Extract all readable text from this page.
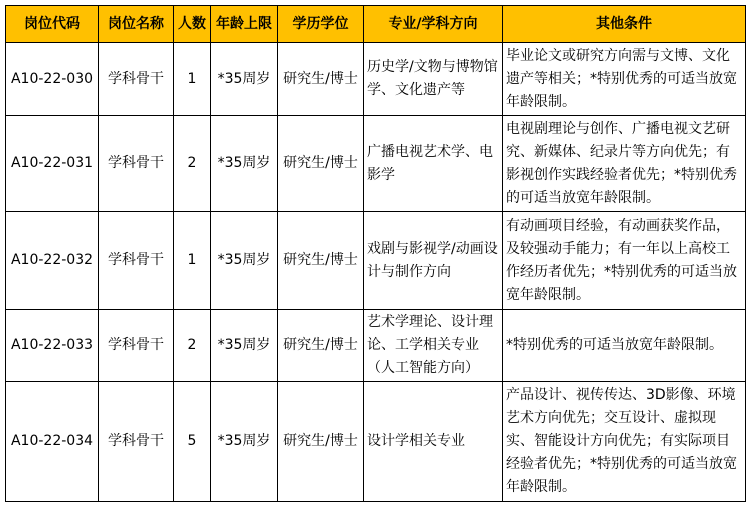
岗位代码	岗位名称	人数	年龄上限	学历学位	专业/学科方向	其他条件
A10-22-030	学科骨干	1	*35周岁	研究生/博士	历史学/文物与博物馆学、文化遗产等	毕业论文或研究方向需与文博、文化遗产等相关；*特别优秀的可适当放宽年龄限制。
A10-22-031	学科骨干	2	*35周岁	研究生/博士	广播电视艺术学、电影学	电视剧理论与创作、广播电视文艺研究、新媒体、纪录片等方向优先；有影视创作实践经验者优先；*特别优秀的可适当放宽年龄限制。
A10-22-032	学科骨干	1	*35周岁	研究生/博士	戏剧与影视学/动画设计与制作方向	有动画项目经验，有动画获奖作品，及较强动手能力；有一年以上高校工作经历者优先；*特别优秀的可适当放宽年龄限制。
A10-22-033	学科骨干	2	*35周岁	研究生/博士	艺术学理论、设计理论、工学相关专业（人工智能方向）	*特别优秀的可适当放宽年龄限制。
A10-22-034	学科骨干	5	*35周岁	研究生/博士	设计学相关专业	产品设计、视传传达、3D影像、环境艺术方向优先；交互设计、虚拟现实、智能设计方向优先；有实际项目经验者优先；*特别优秀的可适当放宽年龄限制。
